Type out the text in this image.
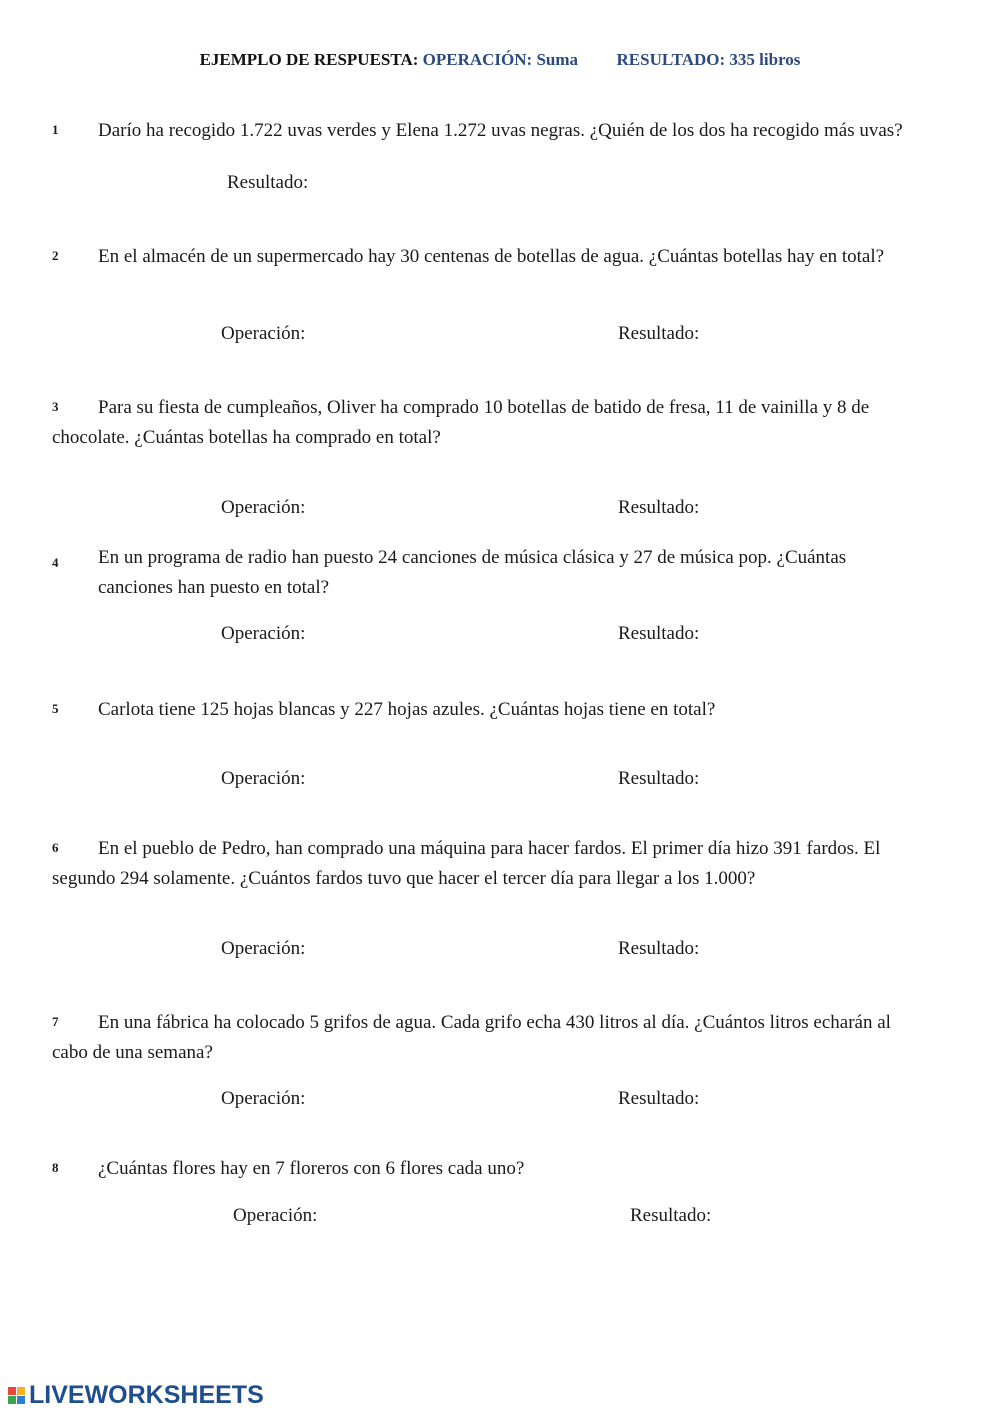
EJEMPLO DE RESPUESTA: OPERACIÓN: Suma RESULTADO: 335 libros
1 Darío ha recogido 1.722 uvas verdes y Elena 1.272 uvas negras. ¿Quién de los dos ha recogido más uvas?
Resultado:
2 En el almacén de un supermercado hay 30 centenas de botellas de agua. ¿Cuántas botellas hay en total?
Operación:	Resultado:
3 Para su fiesta de cumpleaños, Oliver ha comprado 10 botellas de batido de fresa, 11 de vainilla y 8 de chocolate. ¿Cuántas botellas ha comprado en total?
Operación:	Resultado:
4	En un programa de radio han puesto 24 canciones de música clásica y 27 de música pop. ¿Cuántas canciones han puesto en total?
Operación:	Resultado:
5 Carlota tiene 125 hojas blancas y 227 hojas azules. ¿Cuántas hojas tiene en total?
Operación:	Resultado:
6 En el pueblo de Pedro, han comprado una máquina para hacer fardos. El primer día hizo 391 fardos. El segundo 294 solamente. ¿Cuántos fardos tuvo que hacer el tercer día para llegar a los 1.000?
Operación:	Resultado:
7 En una fábrica ha colocado 5 grifos de agua. Cada grifo echa 430 litros al día. ¿Cuántos litros echarán al cabo de una semana?
Operación:	Resultado:
8 ¿Cuántas flores hay en 7 floreros con 6 flores cada uno?
Operación:	Resultado:
LIVEWORKSHEETS
